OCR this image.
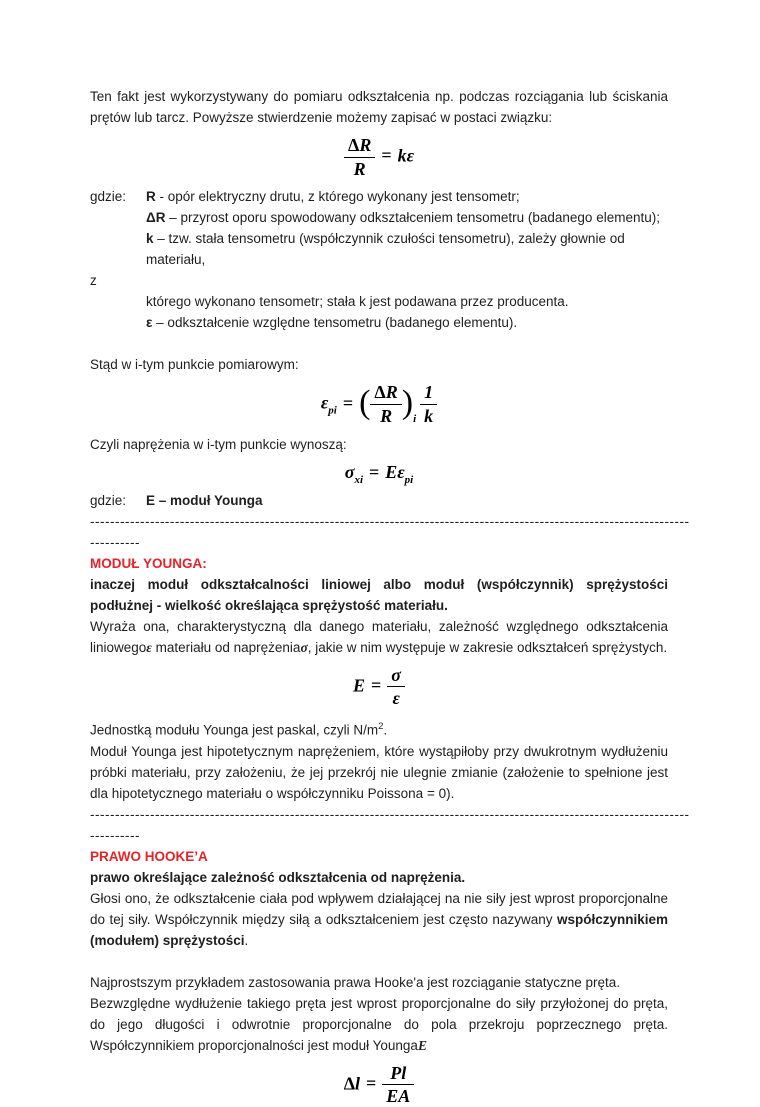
Ten fakt jest wykorzystywany do pomiaru odkształcenia np. podczas rozciągania lub ściskania prętów lub tarcz. Powyższe stwierdzenie możemy zapisać w postaci związku:
$\frac{\Delta R}{R} = k\varepsilon$
gdzie:	R - opór elektryczny drutu, z którego wykonany jest tensometr;
ΔR – przyrost oporu spowodowany odkształceniem tensometru (badanego elementu);
k – tzw. stała tensometru (współczynnik czułości tensometru), zależy głownie od materiału,
z
którego wykonano tensometr; stała k jest podawana przez producenta.
ε – odkształcenie względne tensometru (badanego elementu).
Stąd w i-tym punkcie pomiarowym:
$\varepsilon_{pi}$ = ( $\frac{\Delta R}{R} )_i \frac{1}{k}$
Czyli naprężenia w i-tym punkcie wynoszą:
$\sigma_{xi} = E\varepsilon_{pi}$
gdzie:	E – moduł Younga
------------------------------------------------------------------------------------------------------------------------
----------
MODUŁ YOUNGA:
inaczej moduł odkształcalności liniowej albo moduł (współczynnik) sprężystości podłużnej - wielkość określająca sprężystość materiału.
Wyraża ona, charakterystyczną dla danego materiału, zależność względnego odkształcenia liniowegoε materiału od naprężeniaσ, jakie w nim występuje w zakresie odkształceń sprężystych.
$E = \frac{\sigma}{\varepsilon}$
Jednostką modułu Younga jest paskal, czyli $N/m^2$.
Moduł Younga jest hipotetycznym naprężeniem, które wystąpiłoby przy dwukrotnym wydłużeniu próbki materiału, przy założeniu, że jej przekrój nie ulegnie zmianie (założenie to spełnione jest dla hipotetycznego materiału o współczynniku Poissona = 0).
------------------------------------------------------------------------------------------------------------------------
----------
PRAWO HOOKE’A
prawo określające zależność odkształcenia od naprężenia.
Głosi ono, że odkształcenie ciała pod wpływem działającej na nie siły jest wprost proporcjonalne do tej siły. Współczynnik między siłą a odkształceniem jest często nazywany współczynnikiem (modułem) sprężystości.
Najprostszym przykładem zastosowania prawa Hooke'a jest rozciąganie statyczne pręta.
Bezwzględne wydłużenie takiego pręta jest wprost proporcjonalne do siły przyłożonej do pręta, do jego długości i odwrotnie proporcjonalne do pola przekroju poprzecznego pręta. Współczynnikiem proporcjonalności jest moduł YoungaE
$\Delta l = \frac{Pl}{EA}$
